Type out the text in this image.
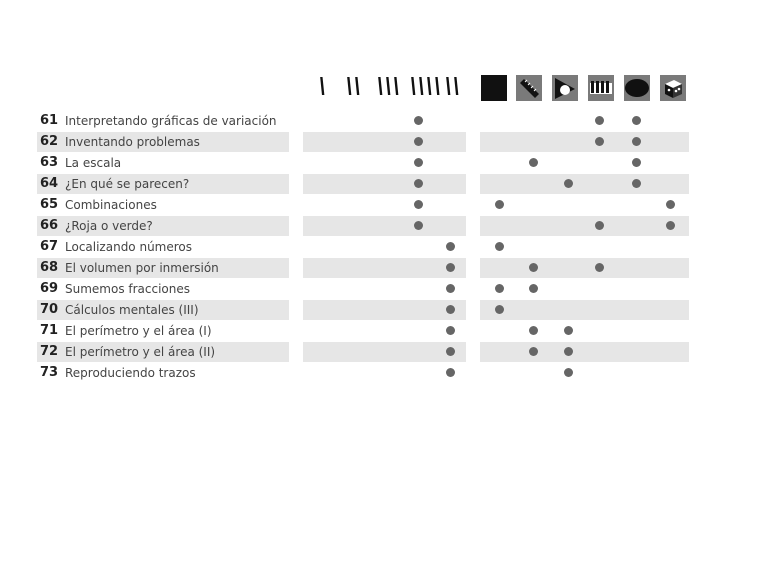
\ \\ \\\ \\\\
\\
61 Interpretando gráficas de variación
62 Inventando problemas
63 La escala
64 ¿En qué se parecen?
65 Combinaciones
66 ¿Roja o verde?
67 Localizando números
68 El volumen por inmersión
69 Sumemos fracciones
70 Cálculos mentales (III)
71 El perímetro y el área (I)
72 El perímetro y el área (II)
73 Reproduciendo trazos
